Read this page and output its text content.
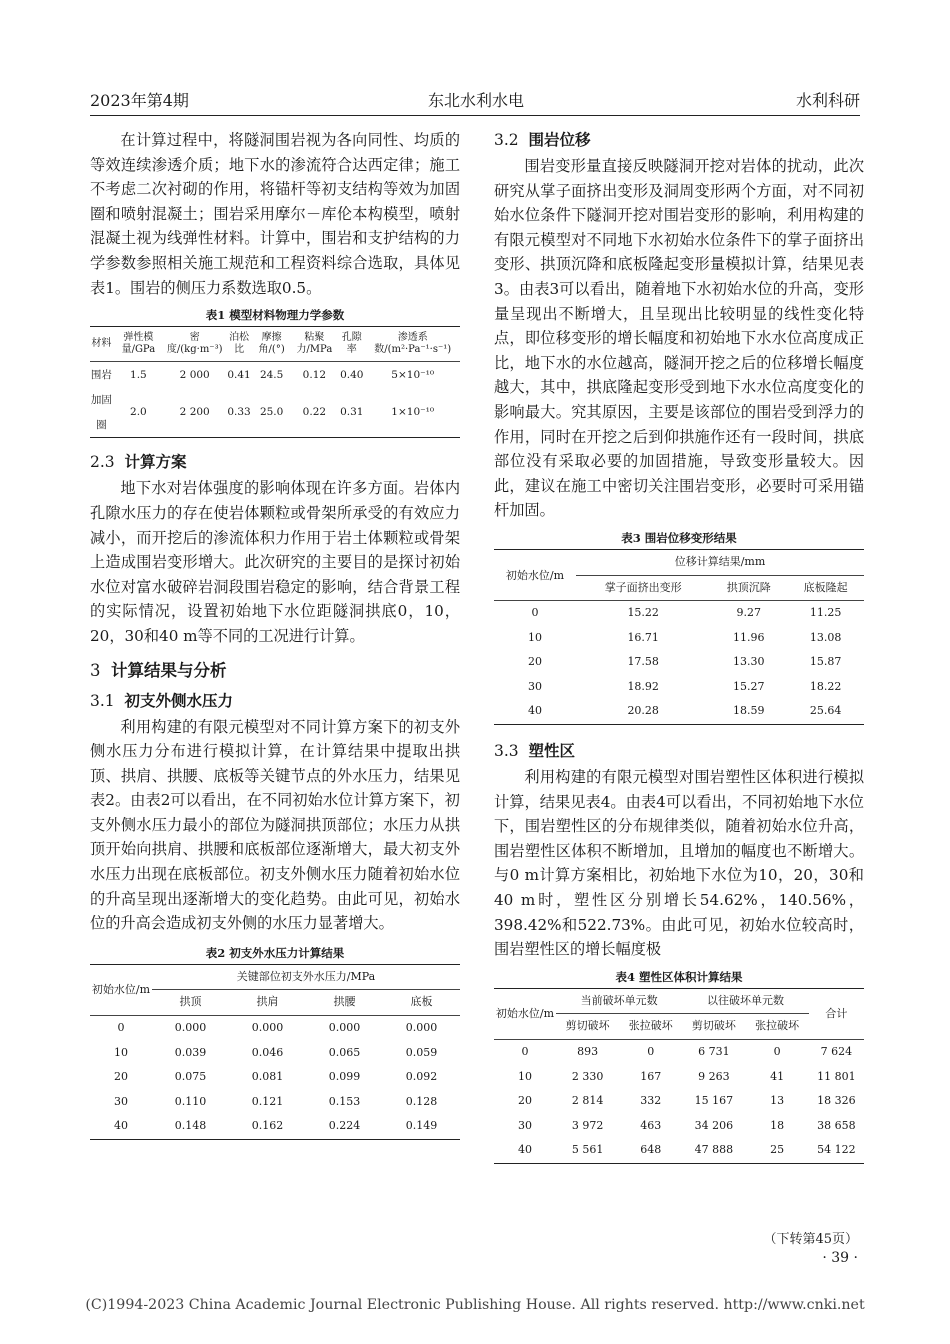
2023年第4期	东北水利水电	水利科研

在计算过程中，将隧洞围岩视为各向同性、均质的等效连续渗透介质；地下水的渗流符合达西定律；施工不考虑二次衬砌的作用，将锚杆等初支结构等效为加固圈和喷射混凝土；围岩采用摩尔－库伦本构模型，喷射混凝土视为线弹性材料。计算中，围岩和支护结构的力学参数参照相关施工规范和工程资料综合选取，具体见表1。围岩的侧压力系数选取0.5。

表1 模型材料物理力学参数
材料	弹性模量/GPa	密度/(kg·m⁻³)	泊松比	摩擦角/(°)	粘聚力/MPa	孔隙率	渗透系数/(m²·Pa⁻¹·s⁻¹)
围岩	1.5	2 000	0.41	24.5	0.12	0.40	5×10⁻¹⁰
加固圈	2.0	2 200	0.33	25.0	0.22	0.31	1×10⁻¹⁰
2.3 计算方案

地下水对岩体强度的影响体现在许多方面。岩体内孔隙水压力的存在使岩体颗粒或骨架所承受的有效应力减小，而开挖后的渗流体积力作用于岩土体颗粒或骨架上造成围岩变形增大。此次研究的主要目的是探讨初始水位对富水破碎岩洞段围岩稳定的影响，结合背景工程的实际情况，设置初始地下水位距隧洞拱底0，10，20，30和40 m等不同的工况进行计算。

3 计算结果与分析
3.1 初支外侧水压力

利用构建的有限元模型对不同计算方案下的初支外侧水压力分布进行模拟计算，在计算结果中提取出拱顶、拱肩、拱腰、底板等关键节点的外水压力，结果见表2。由表2可以看出，在不同初始水位计算方案下，初支外侧水压力最小的部位为隧洞拱顶部位；水压力从拱顶开始向拱肩、拱腰和底板部位逐渐增大，最大初支外水压力出现在底板部位。初支外侧水压力随着初始水位的升高呈现出逐渐增大的变化趋势。由此可见，初始水位的升高会造成初支外侧的水压力显著增大。

表2 初支外水压力计算结果
初始水位/m	关键部位初支外水压力/MPa			
	拱顶	拱肩	拱腰	底板
0	0.000	0.000	0.000	0.000
10	0.039	0.046	0.065	0.059
20	0.075	0.081	0.099	0.092
30	0.110	0.121	0.153	0.128
40	0.148	0.162	0.224	0.149
3.2 围岩位移

围岩变形量直接反映隧洞开挖对岩体的扰动，此次研究从掌子面挤出变形及洞周变形两个方面，对不同初始水位条件下隧洞开挖对围岩变形的影响，利用构建的有限元模型对不同地下水初始水位条件下的掌子面挤出变形、拱顶沉降和底板隆起变形量模拟计算，结果见表3。由表3可以看出，随着地下水初始水位的升高，变形量呈现出不断增大，且呈现出比较明显的线性变化特点，即位移变形的增长幅度和初始地下水水位高度成正比，地下水的水位越高，隧洞开挖之后的位移增长幅度越大，其中，拱底隆起变形受到地下水水位高度变化的影响最大。究其原因，主要是该部位的围岩受到浮力的作用，同时在开挖之后到仰拱施作还有一段时间，拱底部位没有采取必要的加固措施，导致变形量较大。因此，建议在施工中密切关注围岩变形，必要时可采用锚杆加固。

表3 围岩位移变形结果
初始水位/m	位移计算结果/mm		
	掌子面挤出变形	拱顶沉降	底板隆起
0	15.22	9.27	11.25
10	16.71	11.96	13.08
20	17.58	13.30	15.87
30	18.92	15.27	18.22
40	20.28	18.59	25.64
3.3 塑性区

利用构建的有限元模型对围岩塑性区体积进行模拟计算，结果见表4。由表4可以看出，不同初始地下水位下，围岩塑性区的分布规律类似，随着初始水位升高，围岩塑性区体积不断增加，且增加的幅度也不断增大。与0 m计算方案相比，初始地下水位为10，20，30和40 m时，塑性区分别增长54.62%，140.56%，398.42%和522.73%。由此可见，初始水位较高时，围岩塑性区的增长幅度极

表4 塑性区体积计算结果
初始水位/m	当前破坏单元数		以往破坏单元数		合计
	剪切破坏	张拉破坏	剪切破坏	张拉破坏	
0	893	0	6 731	0	7 624
10	2 330	167	9 263	41	11 801
20	2 814	332	15 167	13	18 326
30	3 972	463	34 206	18	38 658
40	5 561	648	47 888	25	54 122
（下转第45页）
· 39 ·
(C)1994-2023 China Academic Journal Electronic Publishing House. All rights reserved. http://www.cnki.net
